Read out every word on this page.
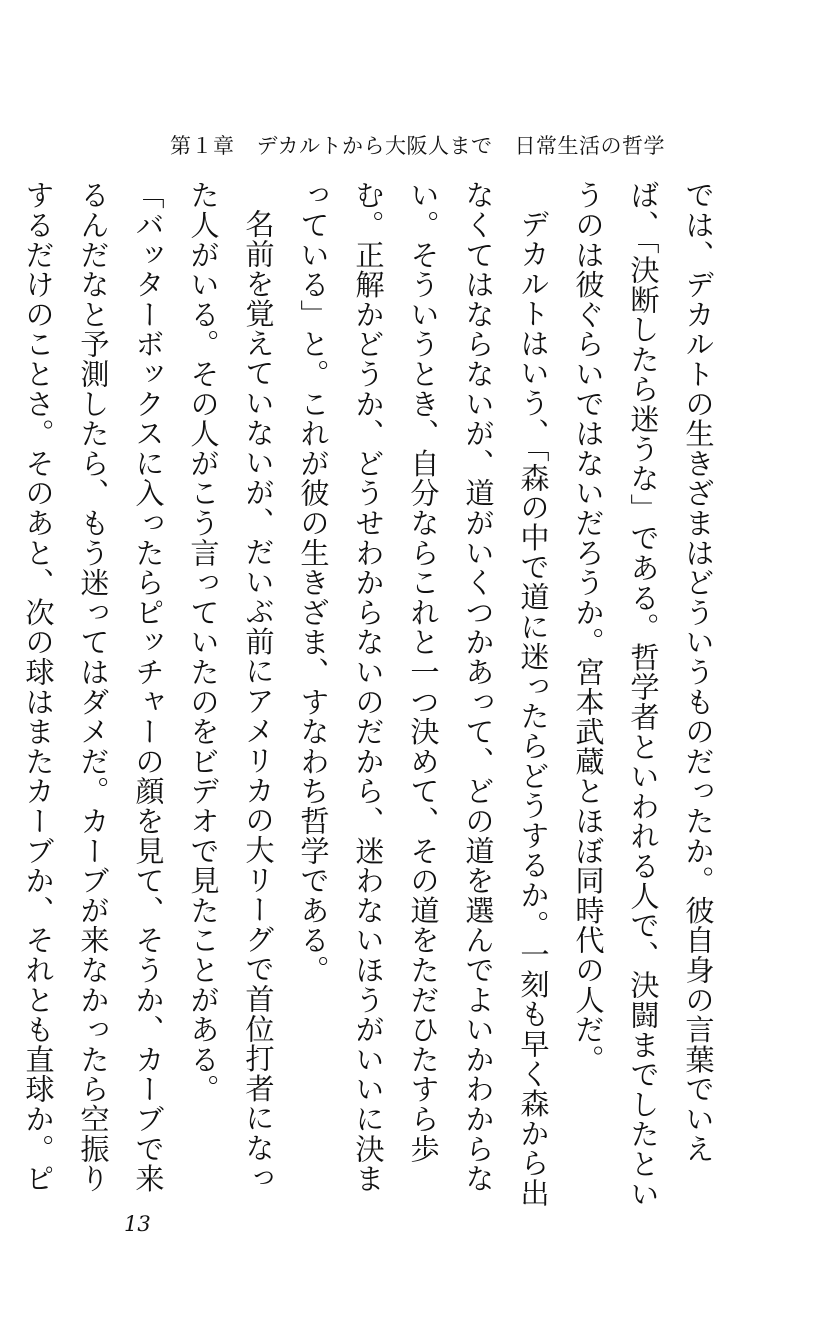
第１章 デカルトから大阪人まで 日常生活の哲学

では、デカルトの生きざまはどういうものだったか。彼自身の言葉でいえば、「決断したら迷うな」である。哲学者といわれる人で、決闘までしたというのは彼ぐらいではないだろうか。宮本武蔵とほぼ同時代の人だ。

デカルトはいう、「森の中で道に迷ったらどうするか。一刻も早く森から出なくてはならないが、道がいくつかあって、どの道を選んでよいかわからない。そういうとき、自分ならこれと一つ決めて、その道をただひたすら歩む。正解かどうか、どうせわからないのだから、迷わないほうがいいに決まっている」と。これが彼の生きざま、すなわち哲学である。

名前を覚えていないが、だいぶ前にアメリカの大リーグで首位打者になった人がいる。その人がこう言っていたのをビデオで見たことがある。

「バッターボックスに入ったらピッチャーの顔を見て、そうか、カーブで来るんだなと予測したら、もう迷ってはダメだ。カーブが来なかったら空振りするだけのことさ。そのあと、次の球はまたカーブか、それとも直球か。ピ

13
